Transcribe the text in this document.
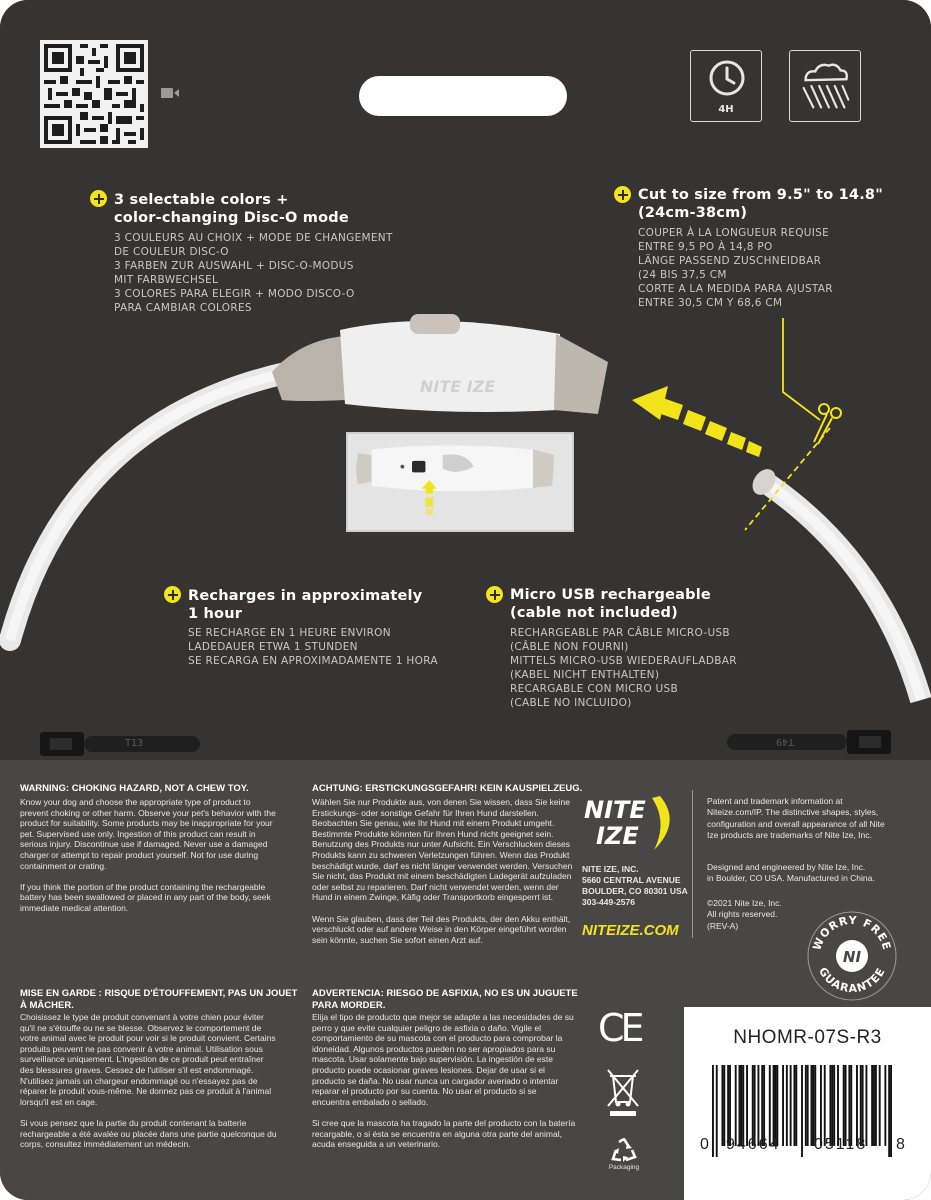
4H
NITE IZE
3 selectable colors +
color-changing Disc-O mode
3 COULEURS AU CHOIX + MODE DE CHANGEMENT
DE COULEUR DISC-O
3 FARBEN ZUR AUSWAHL + DISC-O-MODUS
MIT FARBWECHSEL
3 COLORES PARA ELEGIR + MODO DISCO-O
PARA CAMBIAR COLORES
Cut to size from 9.5" to 14.8"
(24cm-38cm)
COUPER À LA LONGUEUR REQUISE
ENTRE 9,5 PO À 14,8 PO
LÄNGE PASSEND ZUSCHNEIDBAR
(24 BIS 37,5 CM
CORTE A LA MEDIDA PARA AJUSTAR
ENTRE 30,5 CM Y 68,6 CM
Recharges in approximately
1 hour
SE RECHARGE EN 1 HEURE ENVIRON
LADEDAUER ETWA 1 STUNDEN
SE RECARGA EN APROXIMADAMENTE 1 HORA
Micro USB rechargeable
(cable not included)
RECHARGEABLE PAR CÂBLE MICRO-USB
(CÂBLE NON FOURNI)
MITTELS MICRO-USB WIEDERAUFLADBAR
(KABEL NICHT ENTHALTEN)
RECARGABLE CON MICRO USB
(CABLE NO INCLUIDO)
T13	T49
WARNING: CHOKING HAZARD, NOT A CHEW TOY.
Know your dog and choose the appropriate type of product to
prevent choking or other harm. Observe your pet's behavior with the
product for suitability. Some products may be inappropriate for your
pet. Supervised use only. Ingestion of this product can result in
serious injury. Discontinue use if damaged. Never use a damaged
charger or attempt to repair product yourself. Not for use during
containment or crating.

If you think the portion of the product containing the rechargeable
battery has been swallowed or placed in any part of the body, seek
immediate medical attention.
ACHTUNG: ERSTICKUNGSGEFAHR! KEIN KAUSPIELZEUG.
Wählen Sie nur Produkte aus, von denen Sie wissen, dass Sie keine
Erstickungs- oder sonstige Gefahr für Ihren Hund darstellen.
Beobachten Sie genau, wie Ihr Hund mit einem Produkt umgeht.
Bestimmte Produkte könnten für Ihren Hund nicht geeignet sein.
Benutzung des Produkts nur unter Aufsicht. Ein Verschlucken dieses
Produkts kann zu schweren Verletzungen führen. Wenn das Produkt
beschädigt wurde, darf es nicht länger verwendet werden. Versuchen
Sie nicht, das Produkt mit einem beschädigten Ladegerät aufzuladen
oder selbst zu reparieren. Darf nicht verwendet werden, wenn der
Hund in einem Zwinge, Käfig oder Transportkorb eingesperrt ist.

Wenn Sie glauben, dass der Teil des Produkts, der den Akku enthält,
verschluckt oder auf andere Weise in den Körper eingeführt worden
sein könnte, suchen Sie sofort einen Arzt auf.
MISE EN GARDE : RISQUE D'ÉTOUFFEMENT, PAS UN JOUET
À MÂCHER.
Choisissez le type de produit convenant à votre chien pour éviter
qu'il ne s'étouffe ou ne se blesse. Observez le comportement de
votre animal avec le produit pour voir si le produit convient. Certains
produits peuvent ne pas convenir à votre animal. Utilisation sous
surveillance uniquement. L'ingestion de ce produit peut entraîner
des blessures graves. Cessez de l'utiliser s'il est endommagé.
N'utilisez jamais un chargeur endommagé ou n'essayez pas de
réparer le produit vous-même. Ne donnez pas ce produit à l'animal
lorsqu'il est en cage.

Si vous pensez que la partie du produit contenant la batterie
rechargeable a été avalée ou placée dans une partie quelconque du
corps, consultez immédiatement un médecin.
ADVERTENCIA: RIESGO DE ASFIXIA, NO ES UN JUGUETE
PARA MORDER.
Elija el tipo de producto que mejor se adapte a las necesidades de su
perro y que evite cualquier peligro de asfixia o daño. Vigile el
comportamiento de su mascota con el producto para comprobar la
idoneidad. Algunos productos pueden no ser apropiados para su
mascota. Usar solamente bajo supervisión. La ingestión de este
producto puede ocasionar graves lesiones. Dejar de usar si el
producto se daña. No usar nunca un cargador averiado o intentar
reparar el producto por su cuenta. No usar el producto si se
encuentra embalado o sellado.

Si cree que la mascota ha tragado la parte del producto con la batería
recargable, o si ésta se encuentra en alguna otra parte del animal,
acuda enseguida a un veterinario.
NITE
IZE
NITE IZE, INC.
5660 CENTRAL AVENUE
BOULDER, CO 80301 USA
303-449-2576
NITEIZE.COM
Patent and trademark information at
Niteize.com/IP. The distinctive shapes, styles,
configuration and overall appearance of all Nite
Ize products are trademarks of Nite Ize, Inc.
Designed and engineered by Nite Ize, Inc.
in Boulder, CO USA. Manufactured in China.
©2021 Nite Ize, Inc.
All rights reserved.
(REV-A)
WORRY FREE
GUARANTEE
NI
CE
Packaging
NHOMR-07S-R3
0 94664 05118 8
